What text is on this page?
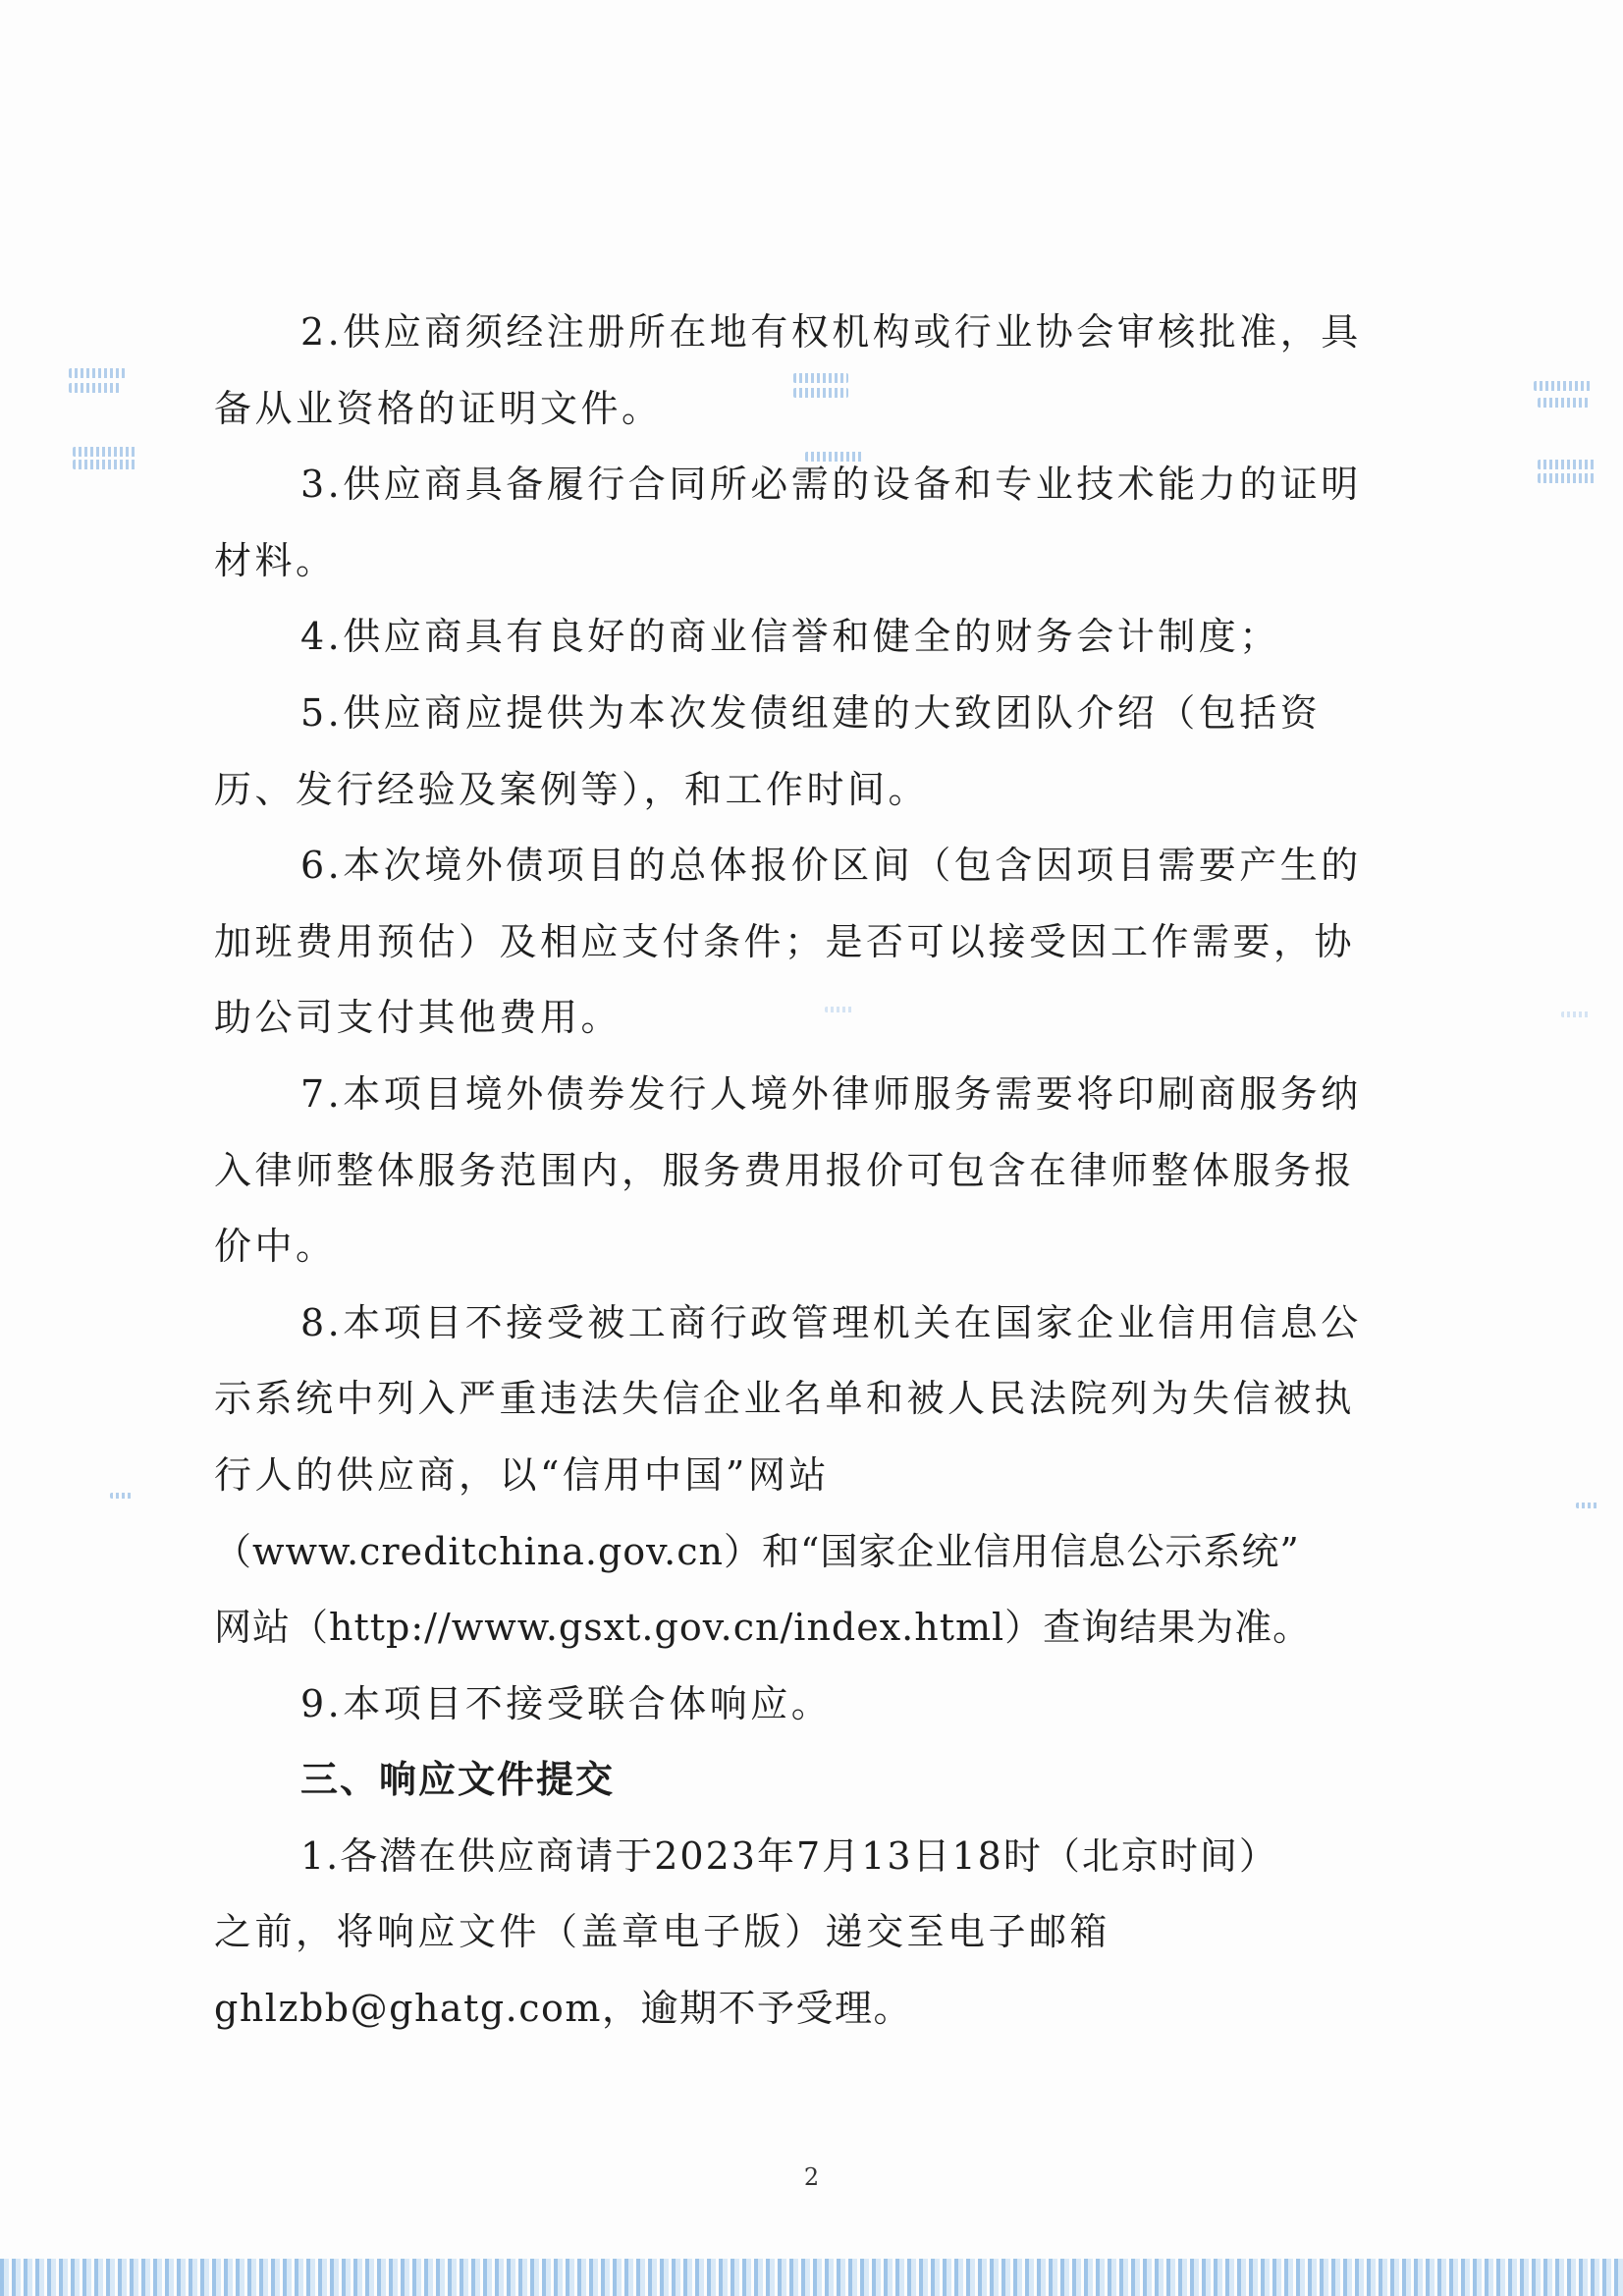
2.供应商须经注册所在地有权机构或行业协会审核批准，具
备从业资格的证明文件。
3.供应商具备履行合同所必需的设备和专业技术能力的证明
材料。
4.供应商具有良好的商业信誉和健全的财务会计制度；
5.供应商应提供为本次发债组建的大致团队介绍（包括资
历、发行经验及案例等），和工作时间。
6.本次境外债项目的总体报价区间（包含因项目需要产生的
加班费用预估）及相应支付条件；是否可以接受因工作需要，协
助公司支付其他费用。
7.本项目境外债券发行人境外律师服务需要将印刷商服务纳
入律师整体服务范围内，服务费用报价可包含在律师整体服务报
价中。
8.本项目不接受被工商行政管理机关在国家企业信用信息公
示系统中列入严重违法失信企业名单和被人民法院列为失信被执
行人的供应商，以“信用中国”网站
（www.creditchina.gov.cn）和“国家企业信用信息公示系统”
网站（http://www.gsxt.gov.cn/index.html）查询结果为准。
9.本项目不接受联合体响应。
三、响应文件提交
1.各潜在供应商请于2023年7月13日18时（北京时间）
之前，将响应文件（盖章电子版）递交至电子邮箱
ghlzbb@ghatg.com，逾期不予受理。
2
